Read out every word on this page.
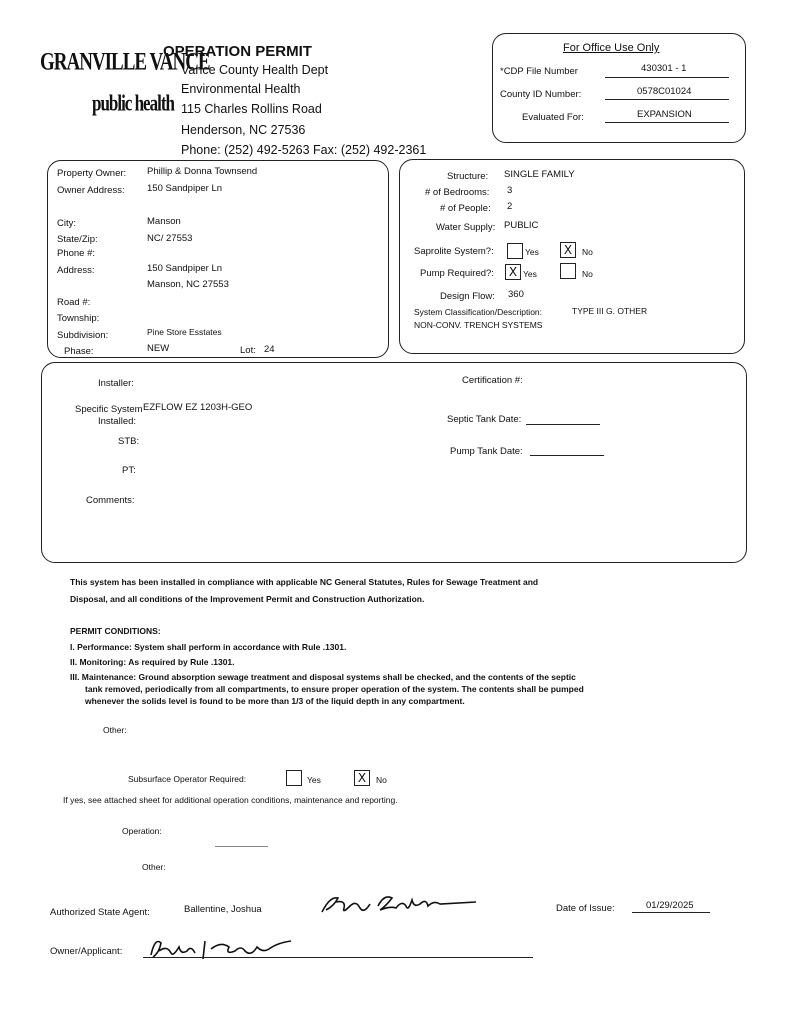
GRANVILLE VANCE
public health
OPERATION PERMIT
Vance County Health Dept
Environmental Health
115 Charles Rollins Road
Henderson, NC 27536
Phone: (252) 492-5263 Fax: (252) 492-2361
For Office Use Only
*CDP File Number	430301 - 1
County ID Number:	0578C01024
Evaluated For:	EXPANSION
Property Owner: Phillip & Donna Townsend
Owner Address: 150 Sandpiper Ln
City:	Manson
State/Zip:	NC/ 27553
Phone #:
Address:	150 Sandpiper Ln
Manson, NC 27553
Road #:
Township:
Subdivision:	Pine Store Esstates
Phase:	NEW	Lot: 24
Structure: SINGLE FAMILY
# of Bedrooms: 3
# of People: 2
Water Supply: PUBLIC
Saprolite System?:	Yes	X	No
Pump Required?:	X Yes	No
Design Flow: 360
System Classification/Description:	TYPE III G. OTHER
NON-CONV. TRENCH SYSTEMS
Installer:	Certification #:
Specific System
Installed:
EZFLOW EZ 1203H-GEO
Septic Tank Date:
STB:
Pump Tank Date:
PT:
Comments:
This system has been installed in compliance with applicable NC General Statutes, Rules for Sewage Treatment and
Disposal, and all conditions of the Improvement Permit and Construction Authorization.
PERMIT CONDITIONS:
I. Performance: System shall perform in accordance with Rule .1301.
II. Monitoring: As required by Rule .1301.
III. Maintenance: Ground absorption sewage treatment and disposal systems shall be checked, and the contents of the septic
tank removed, periodically from all compartments, to ensure proper operation of the system. The contents shall be pumped
whenever the solids level is found to be more than 1/3 of the liquid depth in any compartment.
Other:
Subsurface Operator Required:	Yes	X	No
If yes, see attached sheet for additional operation conditions, maintenance and reporting.
Operation:
Other:
Authorized State Agent:	Ballentine, Joshua	Date of Issue:	01/29/2025
Owner/Applicant:
